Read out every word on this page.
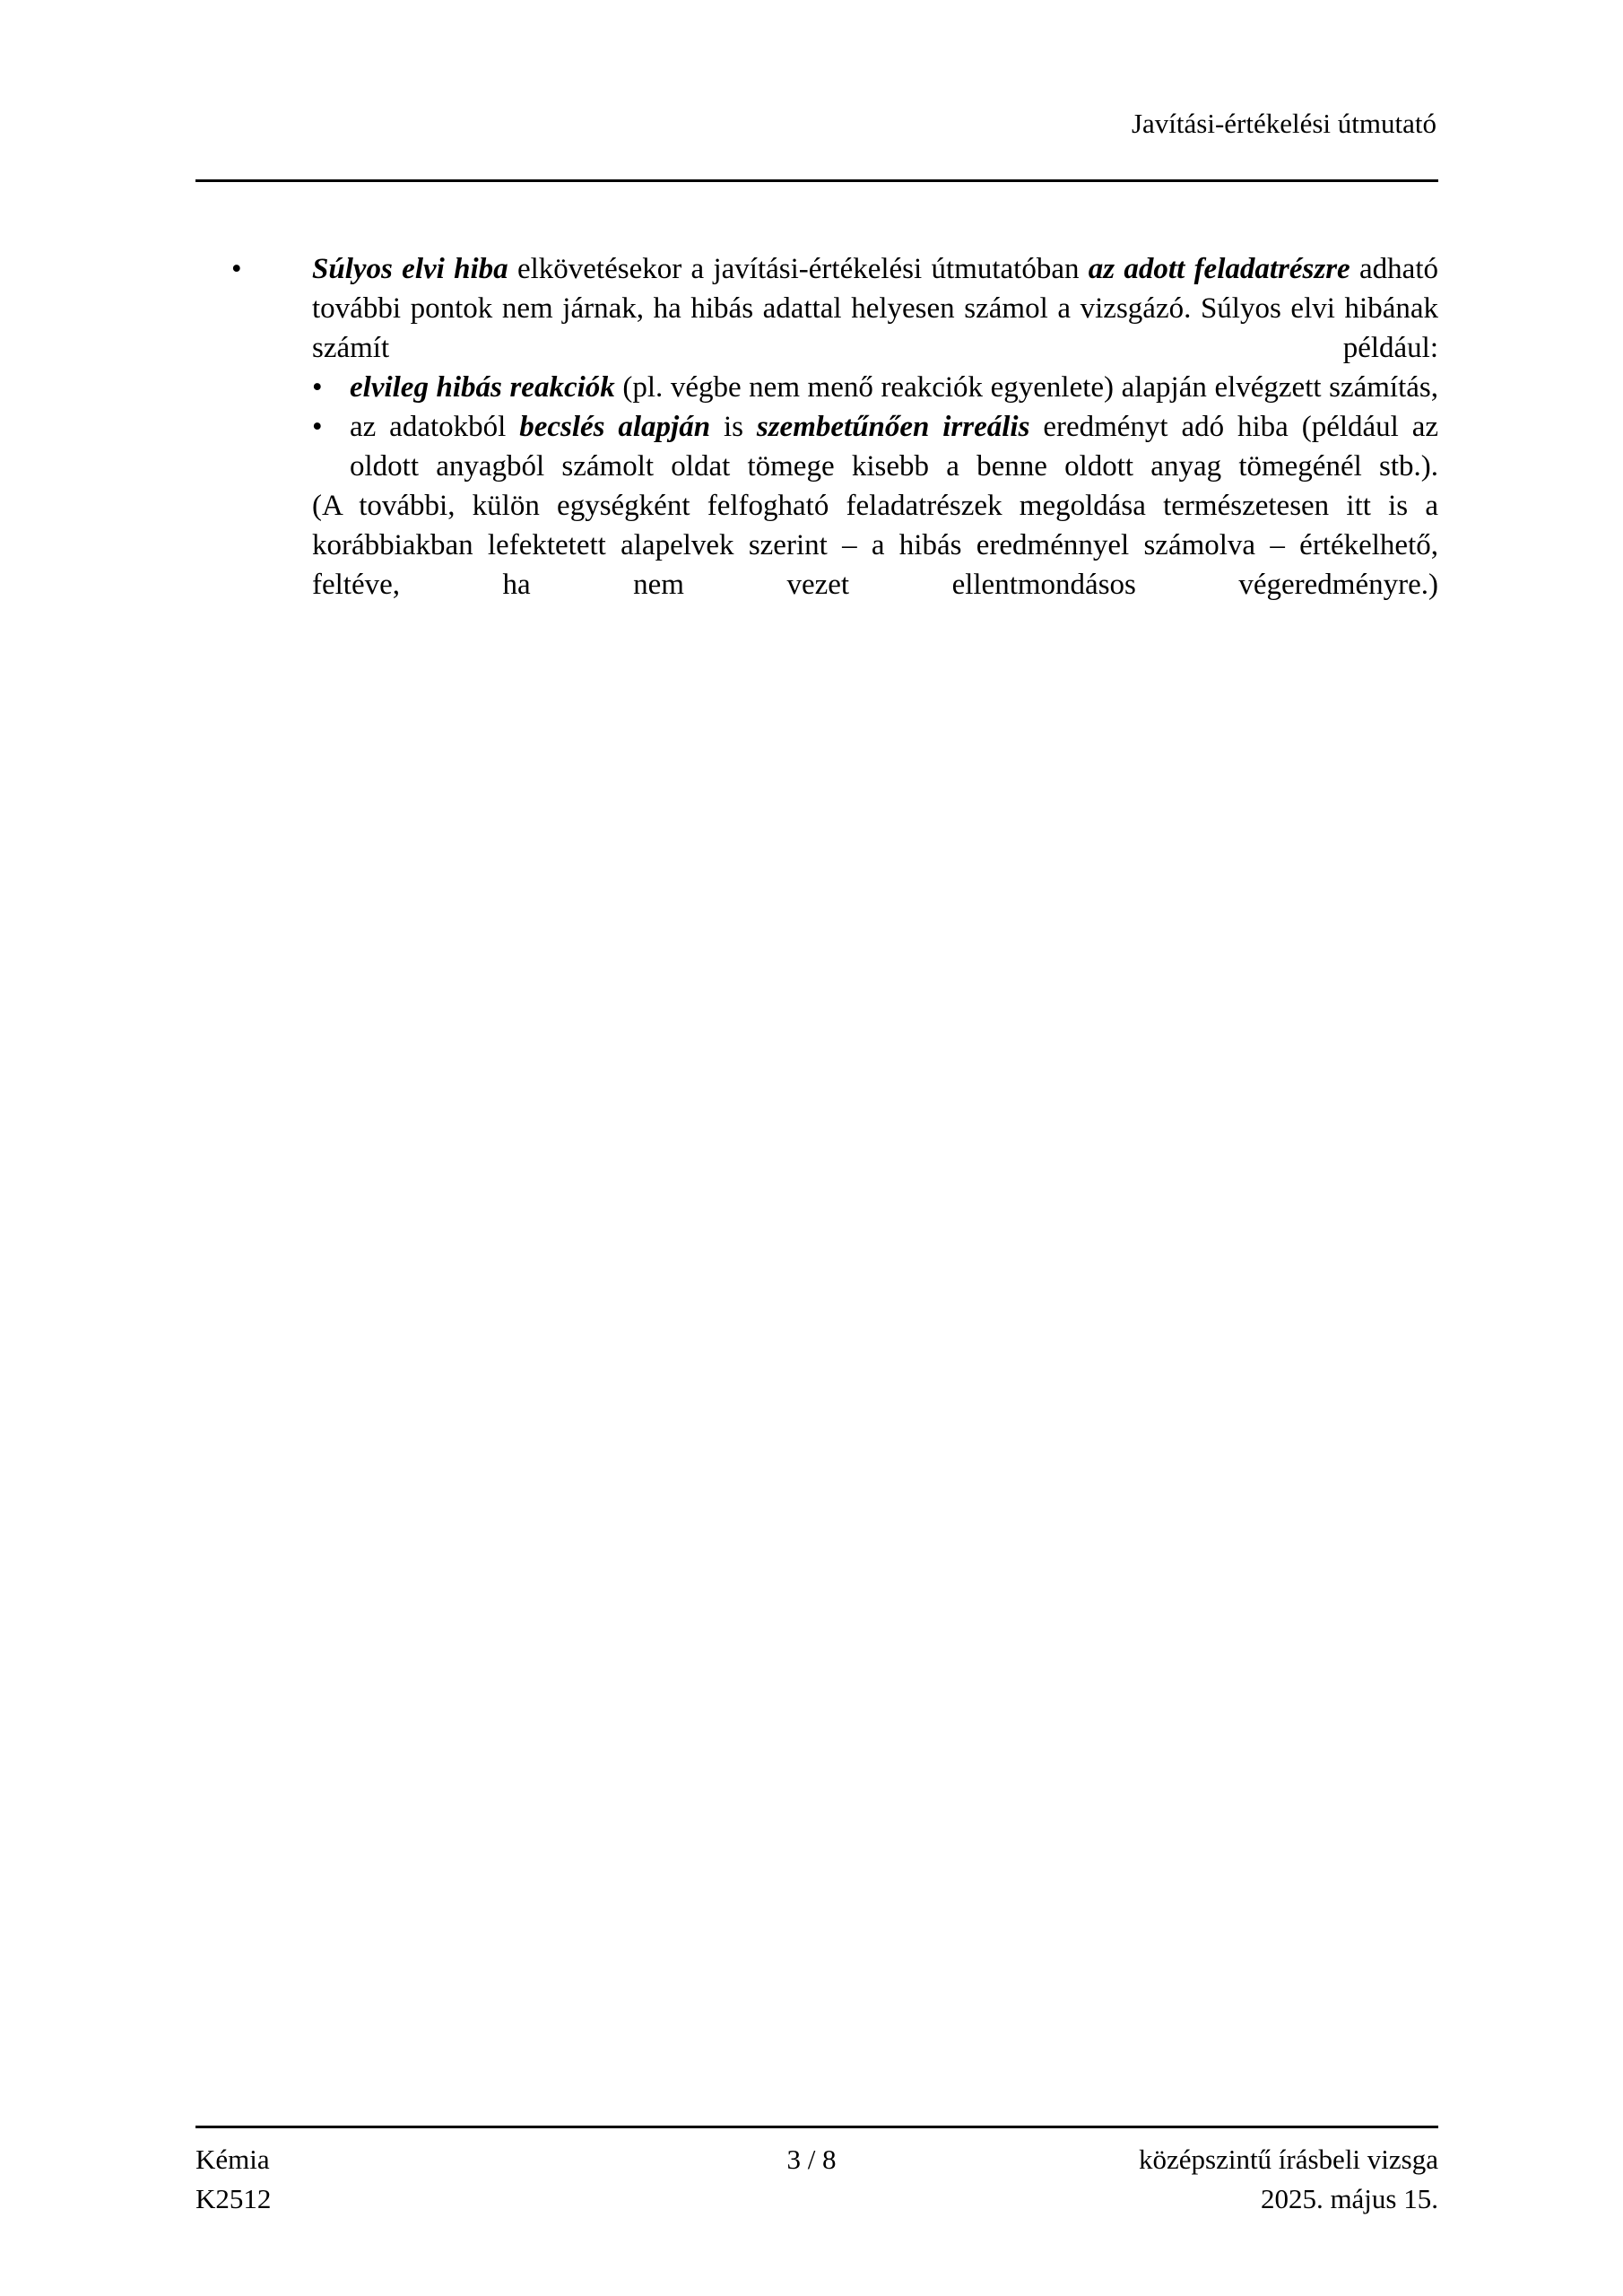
Javítási-értékelési útmutató
• Súlyos elvi hiba elkövetésekor a javítási-értékelési útmutatóban az adott feladatrészre adható további pontok nem járnak, ha hibás adattal helyesen számol a vizsgázó. Súlyos elvi hibának számít például:

• elvileg hibás reakciók (pl. végbe nem menő reakciók egyenlete) alapján elvégzett számítás,
• az adatokból becslés alapján is szembetűnően irreális eredményt adó hiba (például az oldott anyagból számolt oldat tömege kisebb a benne oldott anyag tömegénél stb.).

(A további, külön egységként felfogható feladatrészek megoldása természetesen itt is a korábbiakban lefektetett alapelvek szerint – a hibás eredménnyel számolva – értékelhető, feltéve, ha nem vezet ellentmondásos végeredményre.)

Kémia
K2512
3 / 8	középszintű írásbeli vizsga
2025. május 15.
